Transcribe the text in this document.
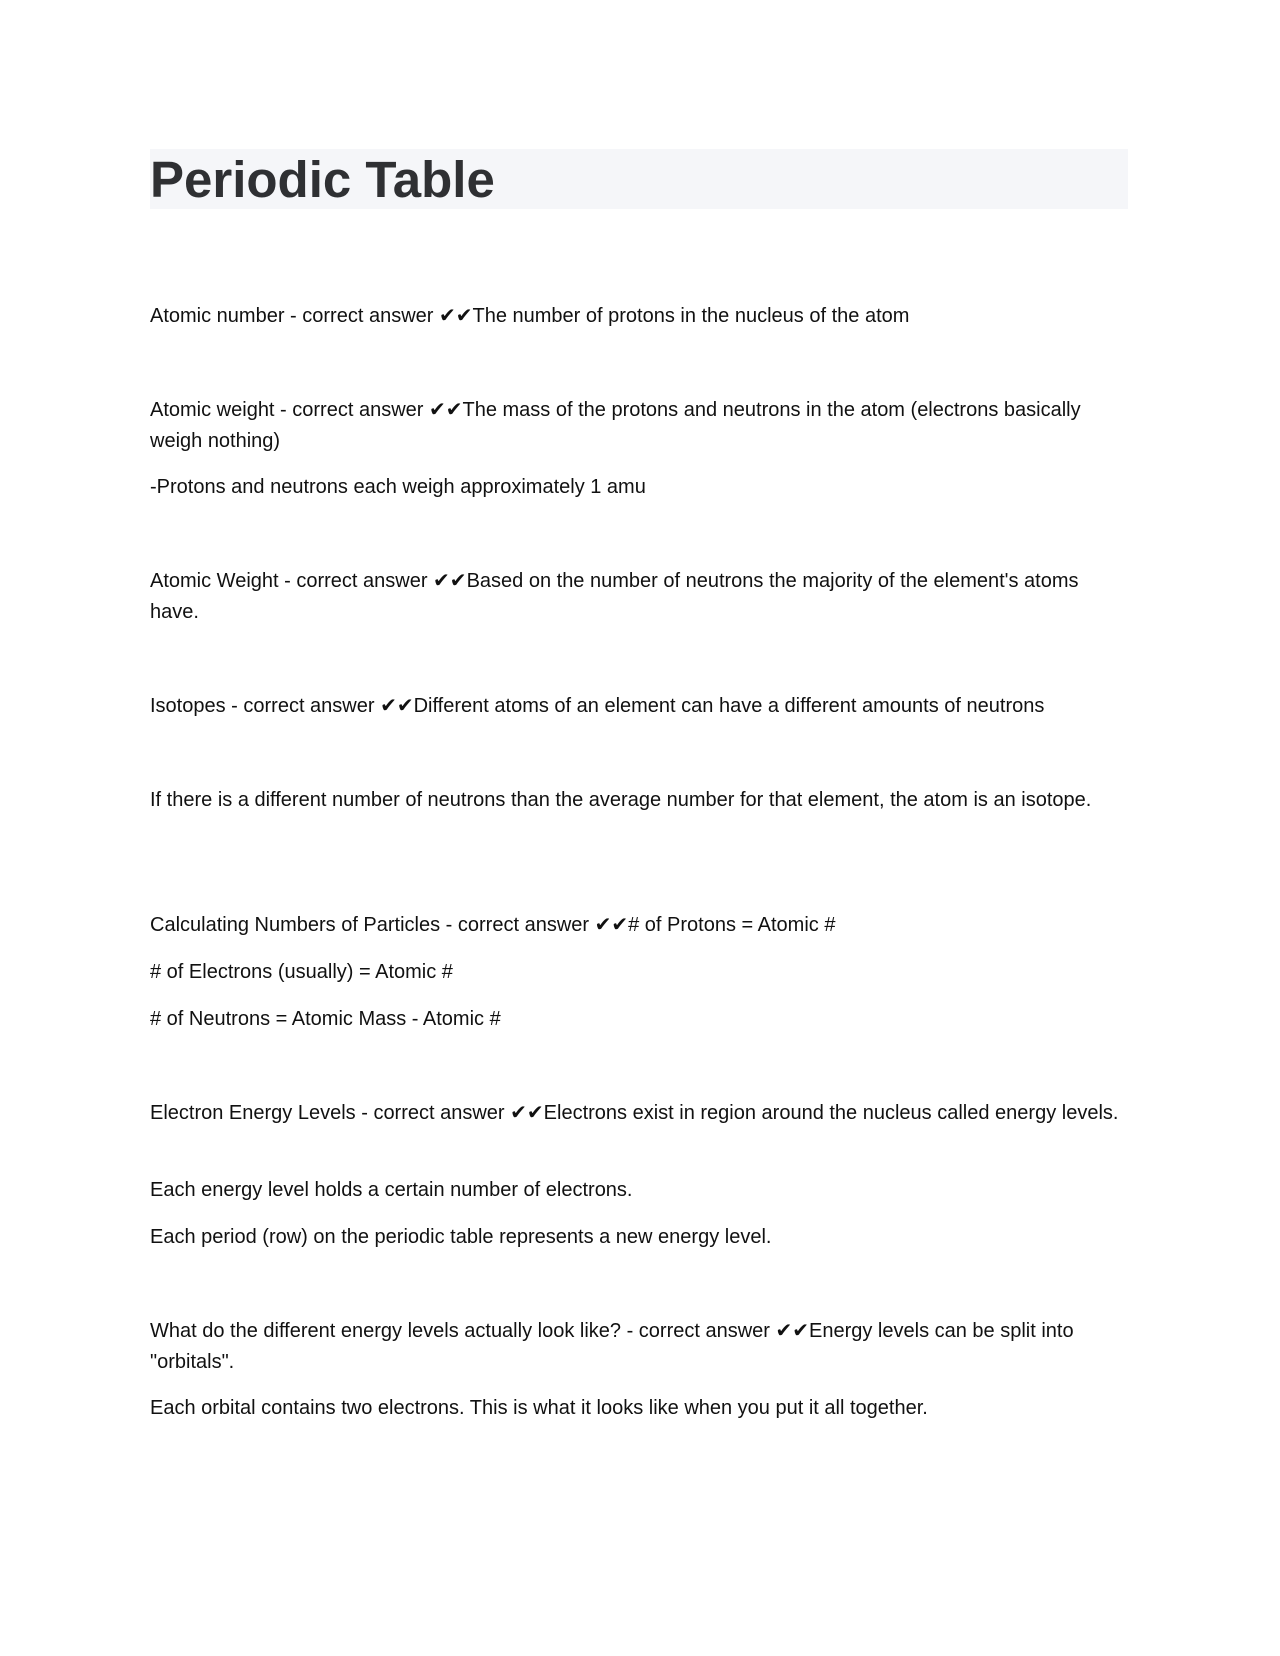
Periodic Table

Atomic number - correct answer ✔✔The number of protons in the nucleus of the atom

Atomic weight - correct answer ✔✔The mass of the protons and neutrons in the atom (electrons basically weigh nothing)

-Protons and neutrons each weigh approximately 1 amu

Atomic Weight - correct answer ✔✔Based on the number of neutrons the majority of the element's atoms have.

Isotopes - correct answer ✔✔Different atoms of an element can have a different amounts of neutrons

If there is a different number of neutrons than the average number for that element, the atom is an isotope.

Calculating Numbers of Particles - correct answer ✔✔# of Protons = Atomic #

# of Electrons (usually) = Atomic #

# of Neutrons = Atomic Mass - Atomic #

Electron Energy Levels - correct answer ✔✔Electrons exist in region around the nucleus called energy levels.

Each energy level holds a certain number of electrons.

Each period (row) on the periodic table represents a new energy level.

What do the different energy levels actually look like? - correct answer ✔✔Energy levels can be split into "orbitals".

Each orbital contains two electrons. This is what it looks like when you put it all together.
